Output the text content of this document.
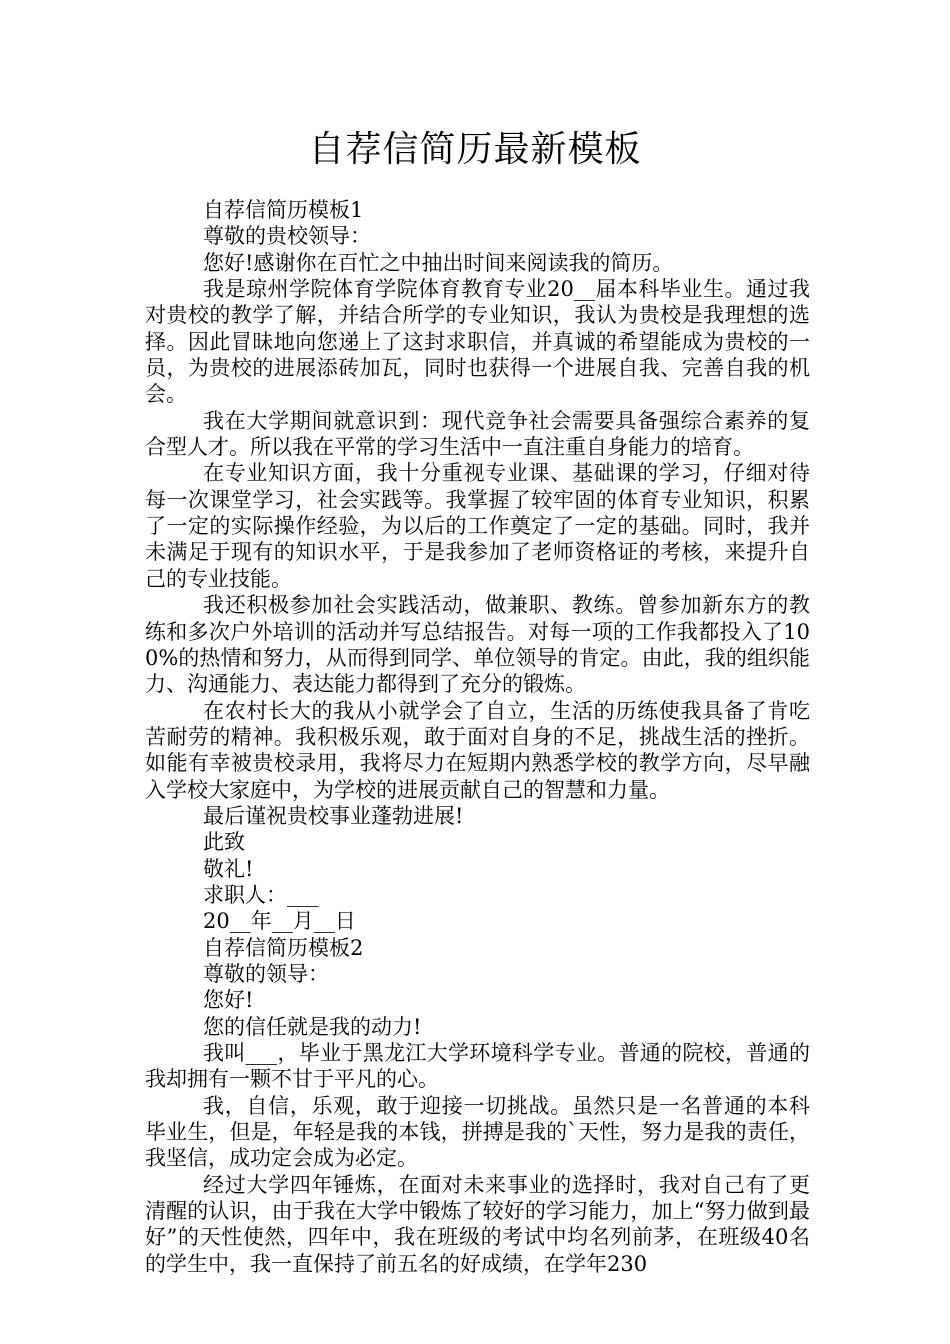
自荐信简历最新模板

自荐信简历模板1

尊敬的贵校领导：

您好!感谢你在百忙之中抽出时间来阅读我的简历。

我是琼州学院体育学院体育教育专业20__届本科毕业生。通过我对贵校的教学了解，并结合所学的专业知识，我认为贵校是我理想的选择。因此冒昧地向您递上了这封求职信，并真诚的希望能成为贵校的一员，为贵校的进展添砖加瓦，同时也获得一个进展自我、完善自我的机会。

我在大学期间就意识到：现代竞争社会需要具备强综合素养的复合型人才。所以我在平常的学习生活中一直注重自身能力的培育。

在专业知识方面，我十分重视专业课、基础课的学习，仔细对待每一次课堂学习，社会实践等。我掌握了较牢固的体育专业知识，积累了一定的实际操作经验，为以后的工作奠定了一定的基础。同时，我并未满足于现有的知识水平，于是我参加了老师资格证的考核，来提升自己的专业技能。

我还积极参加社会实践活动，做兼职、教练。曾参加新东方的教练和多次户外培训的活动并写总结报告。对每一项的工作我都投入了100%的热情和努力，从而得到同学、单位领导的肯定。由此，我的组织能力、沟通能力、表达能力都得到了充分的锻炼。

在农村长大的我从小就学会了自立，生活的历练使我具备了肯吃苦耐劳的精神。我积极乐观，敢于面对自身的不足，挑战生活的挫折。如能有幸被贵校录用，我将尽力在短期内熟悉学校的教学方向，尽早融入学校大家庭中，为学校的进展贡献自己的智慧和力量。

最后谨祝贵校事业蓬勃进展!

此致

敬礼!

求职人：___

20__年__月__日

自荐信简历模板2

尊敬的领导：

您好!

您的信任就是我的动力!

我叫___，毕业于黑龙江大学环境科学专业。普通的院校，普通的我却拥有一颗不甘于平凡的心。

我，自信，乐观，敢于迎接一切挑战。虽然只是一名普通的本科毕业生，但是，年轻是我的本钱，拼搏是我的`天性，努力是我的责任，我坚信，成功定会成为必定。

经过大学四年锤炼，在面对未来事业的选择时，我对自己有了更清醒的认识，由于我在大学中锻炼了较好的学习能力，加上“努力做到最好”的天性使然，四年中，我在班级的考试中均名列前茅，在班级40名的学生中，我一直保持了前五名的好成绩，在学年230
